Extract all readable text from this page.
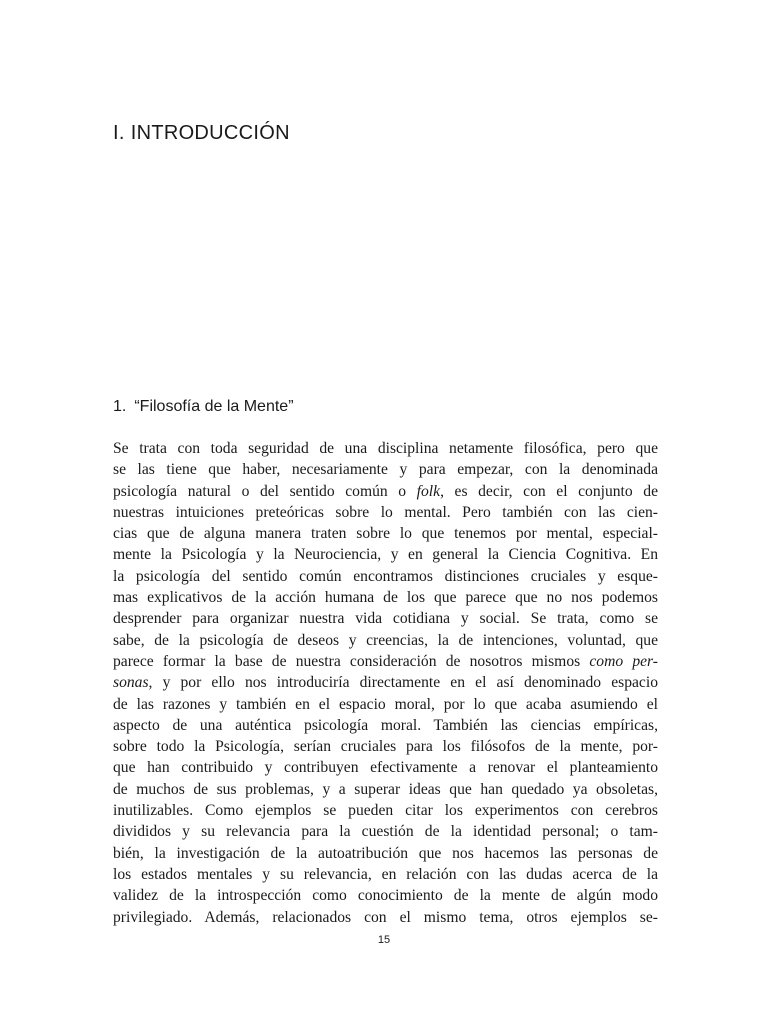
I. INTRODUCCIÓN
1. “Filosofía de la Mente”
Se trata con toda seguridad de una disciplina netamente filosófica, pero que
se las tiene que haber, necesariamente y para empezar, con la denominada
psicología natural o del sentido común o folk, es decir, con el conjunto de
nuestras intuiciones preteóricas sobre lo mental. Pero también con las cien-
cias que de alguna manera traten sobre lo que tenemos por mental, especial-
mente la Psicología y la Neurociencia, y en general la Ciencia Cognitiva. En
la psicología del sentido común encontramos distinciones cruciales y esque-
mas explicativos de la acción humana de los que parece que no nos podemos
desprender para organizar nuestra vida cotidiana y social. Se trata, como se
sabe, de la psicología de deseos y creencias, la de intenciones, voluntad, que
parece formar la base de nuestra consideración de nosotros mismos como per-
sonas, y por ello nos introduciría directamente en el así denominado espacio
de las razones y también en el espacio moral, por lo que acaba asumiendo el
aspecto de una auténtica psicología moral. También las ciencias empíricas,
sobre todo la Psicología, serían cruciales para los filósofos de la mente, por-
que han contribuido y contribuyen efectivamente a renovar el planteamiento
de muchos de sus problemas, y a superar ideas que han quedado ya obsoletas,
inutilizables. Como ejemplos se pueden citar los experimentos con cerebros
divididos y su relevancia para la cuestión de la identidad personal; o tam-
bién, la investigación de la autoatribución que nos hacemos las personas de
los estados mentales y su relevancia, en relación con las dudas acerca de la
validez de la introspección como conocimiento de la mente de algún modo
privilegiado. Además, relacionados con el mismo tema, otros ejemplos se-
15
